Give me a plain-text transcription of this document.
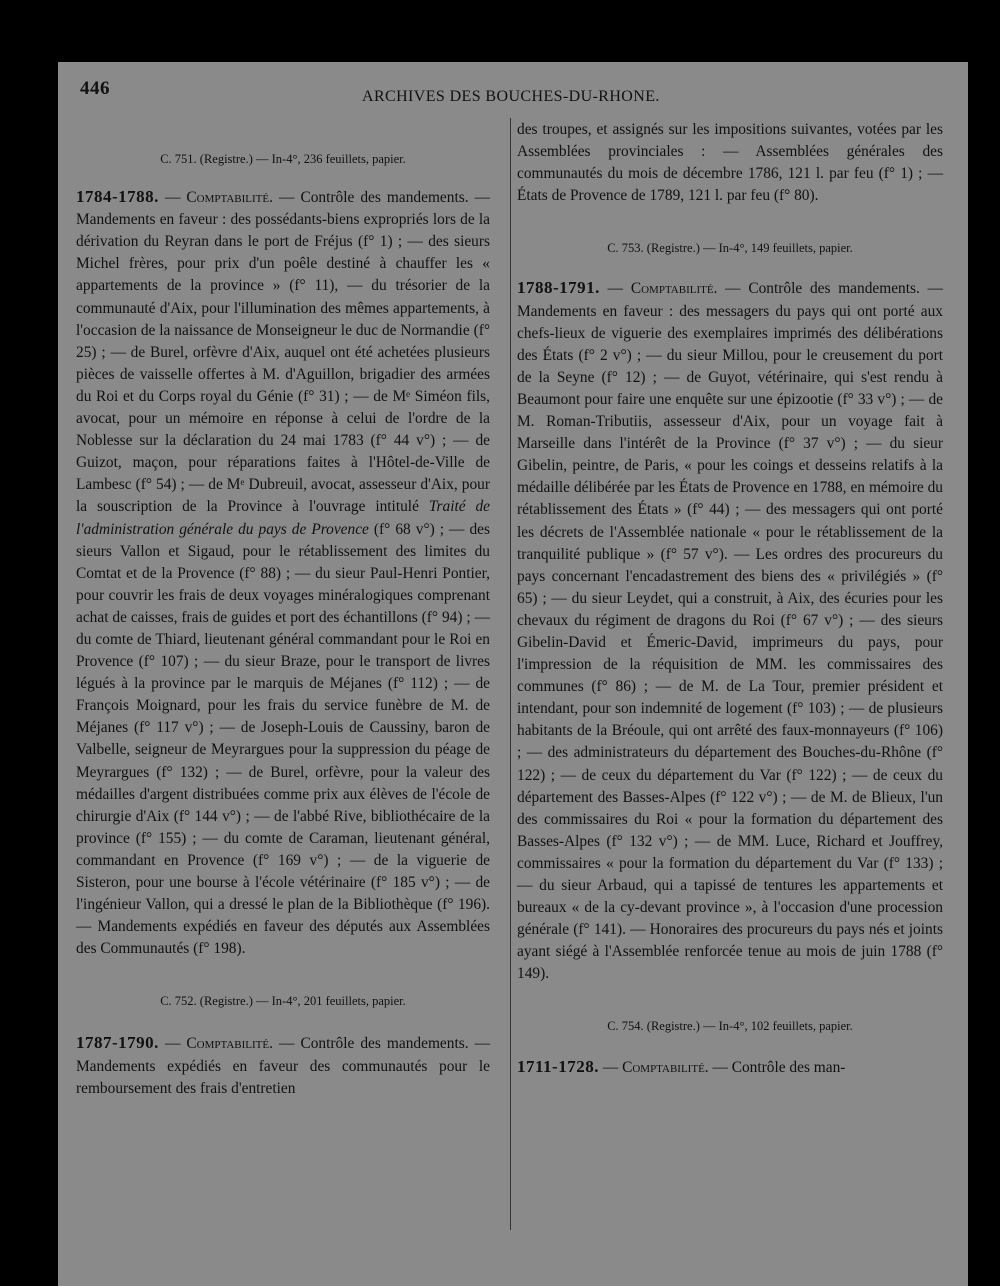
446	ARCHIVES DES BOUCHES-DU-RHONE.

C. 751. (Registre.) — In-4°, 236 feuillets, papier.

1784-1788. — Comptabilité. — Contrôle des mandements. — Mandements en faveur : des possédants-biens expropriés lors de la dérivation du Reyran dans le port de Fréjus (f° 1) ; — des sieurs Michel frères, pour prix d'un poêle destiné à chauffer les « appartements de la province » (f° 11), — du trésorier de la communauté d'Aix, pour l'illumination des mêmes appartements, à l'occasion de la naissance de Monseigneur le duc de Normandie (f° 25) ; — de Burel, orfèvre d'Aix, auquel ont été achetées plusieurs pièces de vaisselle offertes à M. d'Aguillon, brigadier des armées du Roi et du Corps royal du Génie (f° 31) ; — de Mᵉ Siméon fils, avocat, pour un mémoire en réponse à celui de l'ordre de la Noblesse sur la déclaration du 24 mai 1783 (f° 44 v°) ; — de Guizot, maçon, pour réparations faites à l'Hôtel-de-Ville de Lambesc (f° 54) ; — de Mᵉ Dubreuil, avocat, assesseur d'Aix, pour la souscription de la Province à l'ouvrage intitulé Traité de l'administration générale du pays de Provence (f° 68 v°) ; — des sieurs Vallon et Sigaud, pour le rétablissement des limites du Comtat et de la Provence (f° 88) ; — du sieur Paul-Henri Pontier, pour couvrir les frais de deux voyages minéralogiques comprenant achat de caisses, frais de guides et port des échantillons (f° 94) ; — du comte de Thiard, lieutenant général commandant pour le Roi en Provence (f° 107) ; — du sieur Braze, pour le transport de livres légués à la province par le marquis de Méjanes (f° 112) ; — de François Moignard, pour les frais du service funèbre de M. de Méjanes (f° 117 v°) ; — de Joseph-Louis de Caussiny, baron de Valbelle, seigneur de Meyrargues pour la suppression du péage de Meyrargues (f° 132) ; — de Burel, orfèvre, pour la valeur des médailles d'argent distribuées comme prix aux élèves de l'école de chirurgie d'Aix (f° 144 v°) ; — de l'abbé Rive, bibliothécaire de la province (f° 155) ; — du comte de Caraman, lieutenant général, commandant en Provence (f° 169 v°) ; — de la viguerie de Sisteron, pour une bourse à l'école vétérinaire (f° 185 v°) ; — de l'ingénieur Vallon, qui a dressé le plan de la Bibliothèque (f° 196). — Mandements expédiés en faveur des députés aux Assemblées des Communautés (f° 198).

C. 752. (Registre.) — In-4°, 201 feuillets, papier.

1787-1790. — Comptabilité. — Contrôle des mandements. — Mandements expédiés en faveur des communautés pour le remboursement des frais d'entretien

des troupes, et assignés sur les impositions suivantes, votées par les Assemblées provinciales : — Assemblées générales des communautés du mois de décembre 1786, 121 l. par feu (f° 1) ; — États de Provence de 1789, 121 l. par feu (f° 80).

C. 753. (Registre.) — In-4°, 149 feuillets, papier.

1788-1791. — Comptabilité. — Contrôle des mandements. — Mandements en faveur : des messagers du pays qui ont porté aux chefs-lieux de viguerie des exemplaires imprimés des délibérations des États (f° 2 v°) ; — du sieur Millou, pour le creusement du port de la Seyne (f° 12) ; — de Guyot, vétérinaire, qui s'est rendu à Beaumont pour faire une enquête sur une épizootie (f° 33 v°) ; — de M. Roman-Tributiis, assesseur d'Aix, pour un voyage fait à Marseille dans l'intérêt de la Province (f° 37 v°) ; — du sieur Gibelin, peintre, de Paris, « pour les coings et desseins relatifs à la médaille délibérée par les États de Provence en 1788, en mémoire du rétablissement des États » (f° 44) ; — des messagers qui ont porté les décrets de l'Assemblée nationale « pour le rétablissement de la tranquilité publique » (f° 57 v°). — Les ordres des procureurs du pays concernant l'encadastrement des biens des « privilégiés » (f° 65) ; — du sieur Leydet, qui a construit, à Aix, des écuries pour les chevaux du régiment de dragons du Roi (f° 67 v°) ; — des sieurs Gibelin-David et Émeric-David, imprimeurs du pays, pour l'impression de la réquisition de MM. les commissaires des communes (f° 86) ; — de M. de La Tour, premier président et intendant, pour son indemnité de logement (f° 103) ; — de plusieurs habitants de la Bréoule, qui ont arrêté des faux-monnayeurs (f° 106) ; — des administrateurs du département des Bouches-du-Rhône (f° 122) ; — de ceux du département du Var (f° 122) ; — de ceux du département des Basses-Alpes (f° 122 v°) ; — de M. de Blieux, l'un des commissaires du Roi « pour la formation du département des Basses-Alpes (f° 132 v°) ; — de MM. Luce, Richard et Jouffrey, commissaires « pour la formation du département du Var (f° 133) ; — du sieur Arbaud, qui a tapissé de tentures les appartements et bureaux « de la cy-devant province », à l'occasion d'une procession générale (f° 141). — Honoraires des procureurs du pays nés et joints ayant siégé à l'Assemblée renforcée tenue au mois de juin 1788 (f° 149).

C. 754. (Registre.) — In-4°, 102 feuillets, papier.

1711-1728. — Comptabilité. — Contrôle des man-
